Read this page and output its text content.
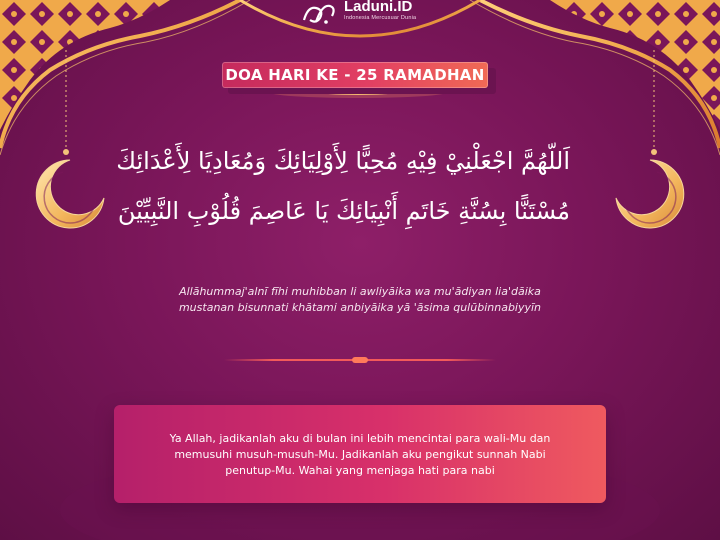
Laduni.ID
Indonesia Mercusuar Dunia
DOA HARI KE - 25 RAMADHAN
اَللّهُمَّ اجْعَلْنِيْ فِيْهِ مُحِبًّا لِأَوْلِيَائِكَ وَمُعَادِيًا لِأَعْدَائِكَ
مُسْتَنًّا بِسُنَّةِ خَاتَمِ أَنْبِيَائِكَ يَا عَاصِمَ قُلُوْبِ النَّبِيِّيْنَ
Allāhummaj'alnī fīhi muhibban li awliyāika wa mu'ādiyan lia'dāika
mustanan bisunnati khātami anbiyāika yā 'āsima qulūbinnabiyyīn
Ya Allah, jadikanlah aku di bulan ini lebih mencintai para wali-Mu dan
memusuhi musuh-musuh-Mu. Jadikanlah aku pengikut sunnah Nabi
penutup-Mu. Wahai yang menjaga hati para nabi
